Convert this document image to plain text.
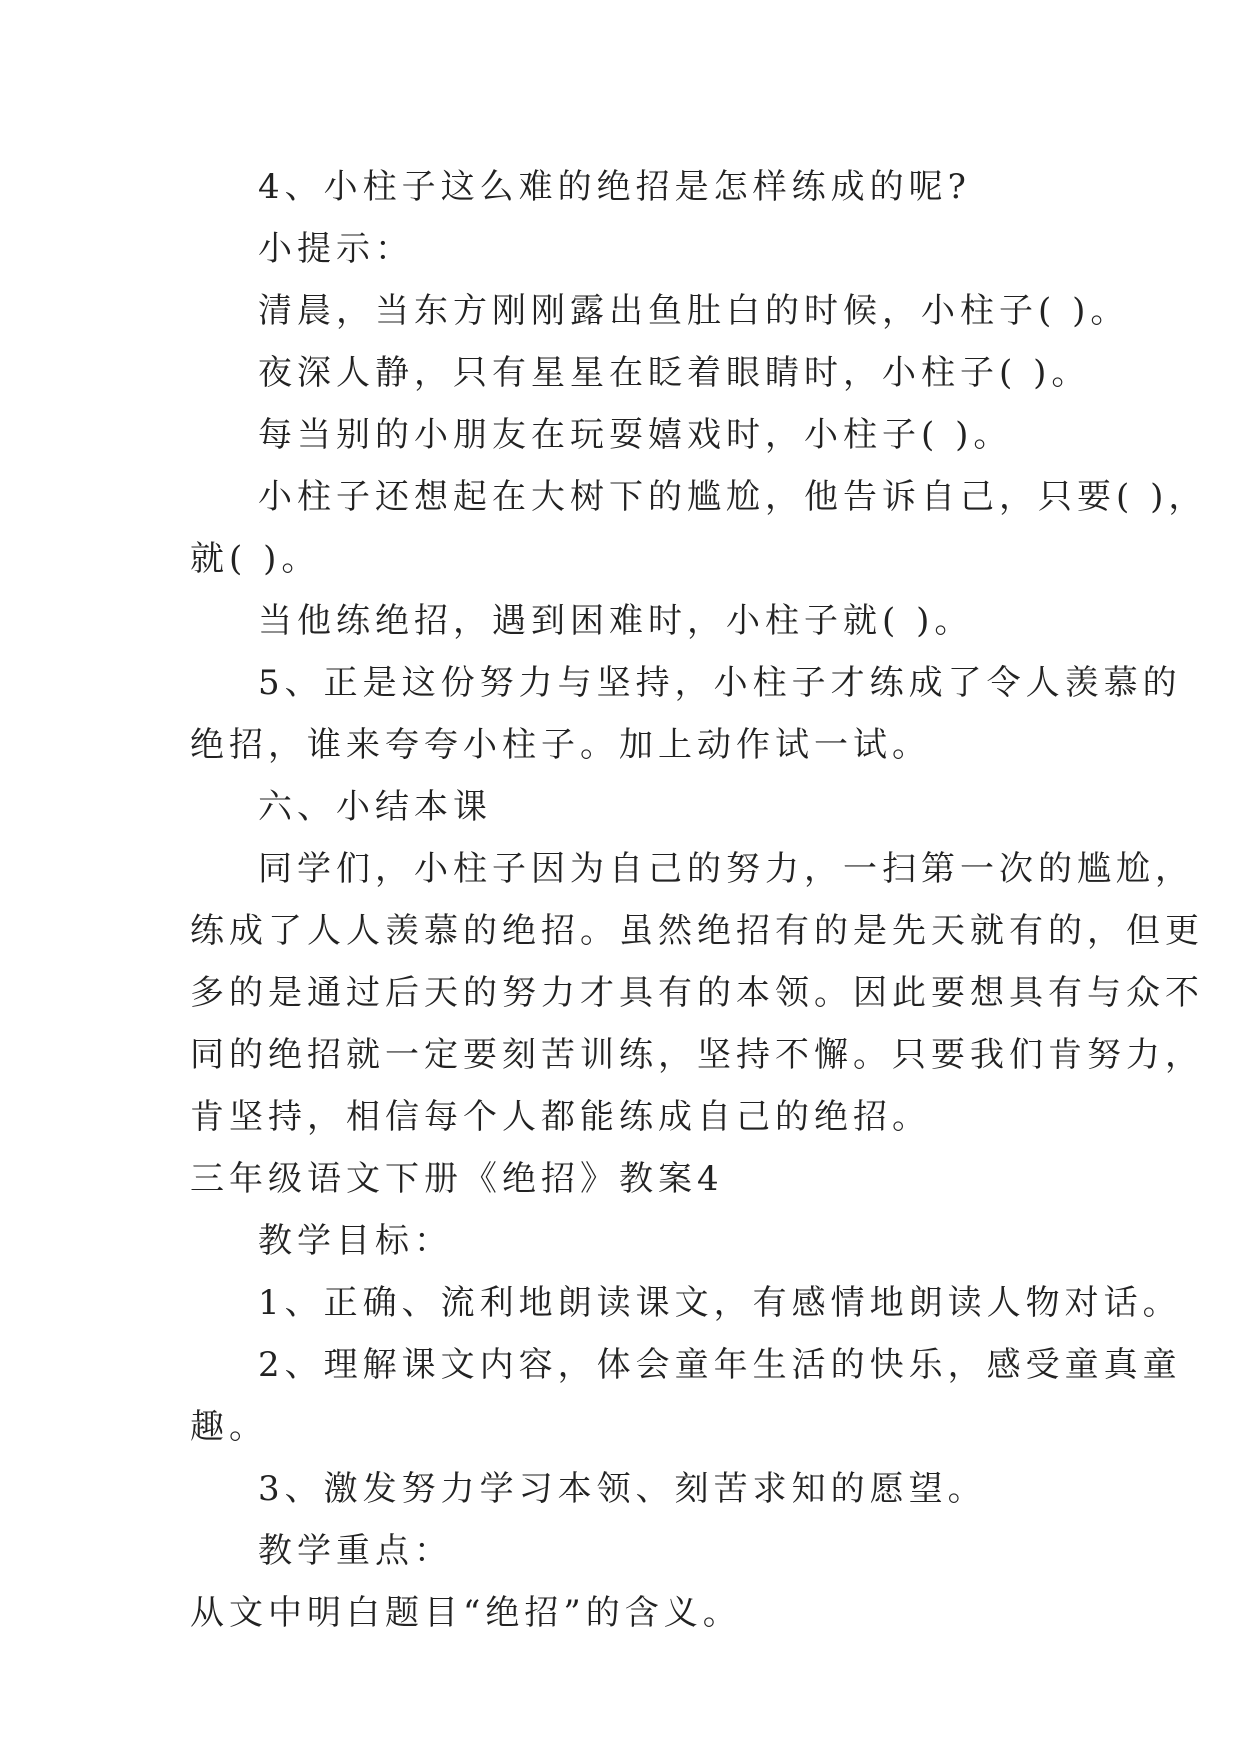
4、小柱子这么难的绝招是怎样练成的呢?
小提示：
清晨，当东方刚刚露出鱼肚白的时候，小柱子( )。
夜深人静，只有星星在眨着眼睛时，小柱子( )。
每当别的小朋友在玩耍嬉戏时，小柱子( )。
小柱子还想起在大树下的尴尬，他告诉自己，只要( )，
就( )。
当他练绝招，遇到困难时，小柱子就( )。
5、正是这份努力与坚持，小柱子才练成了令人羡慕的
绝招，谁来夸夸小柱子。加上动作试一试。
六、小结本课
同学们，小柱子因为自己的努力，一扫第一次的尴尬，
练成了人人羡慕的绝招。虽然绝招有的是先天就有的，但更
多的是通过后天的努力才具有的本领。因此要想具有与众不
同的绝招就一定要刻苦训练，坚持不懈。只要我们肯努力，
肯坚持，相信每个人都能练成自己的绝招。
三年级语文下册《绝招》教案4
教学目标：
1、正确、流利地朗读课文，有感情地朗读人物对话。
2、理解课文内容，体会童年生活的快乐，感受童真童
趣。
3、激发努力学习本领、刻苦求知的愿望。
教学重点：
从文中明白题目“绝招”的含义。
